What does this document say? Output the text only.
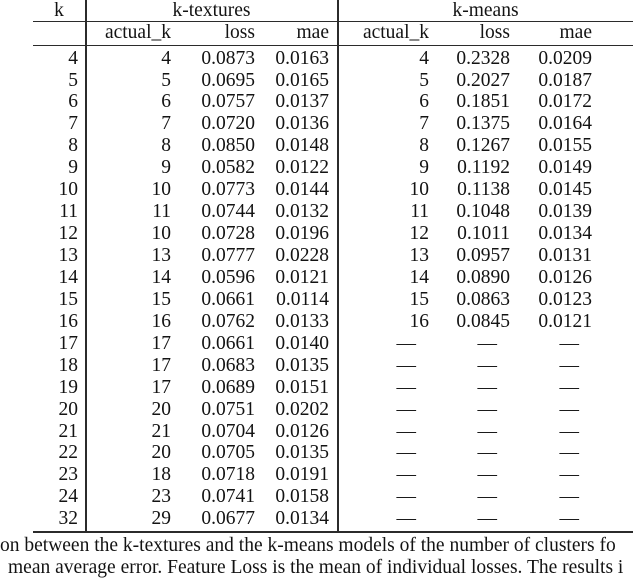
k	k-textures	k-means
actual_k	loss	mae	actual_k	loss	mae
4	4	0.0873	0.0163	4	0.2328	0.0209
5	5	0.0695	0.0165	5	0.2027	0.0187
6	6	0.0757	0.0137	6	0.1851	0.0172
7	7	0.0720	0.0136	7	0.1375	0.0164
8	8	0.0850	0.0148	8	0.1267	0.0155
9	9	0.0582	0.0122	9	0.1192	0.0149
10	10	0.0773	0.0144	10	0.1138	0.0145
11	11	0.0744	0.0132	11	0.1048	0.0139
12	10	0.0728	0.0196	12	0.1011	0.0134
13	13	0.0777	0.0228	13	0.0957	0.0131
14	14	0.0596	0.0121	14	0.0890	0.0126
15	15	0.0661	0.0114	15	0.0863	0.0123
16	16	0.0762	0.0133	16	0.0845	0.0121
17	17	0.0661	0.0140	—	—	—
18	17	0.0683	0.0135	—	—	—
19	17	0.0689	0.0151	—	—	—
20	20	0.0751	0.0202	—	—	—
21	21	0.0704	0.0126	—	—	—
22	20	0.0705	0.0135	—	—	—
23	18	0.0718	0.0191	—	—	—
24	23	0.0741	0.0158	—	—	—
32	29	0.0677	0.0134	—	—	—
on between the k-textures and the k-means models of the number of clusters fo
mean average error. Feature Loss is the mean of individual losses. The results i
